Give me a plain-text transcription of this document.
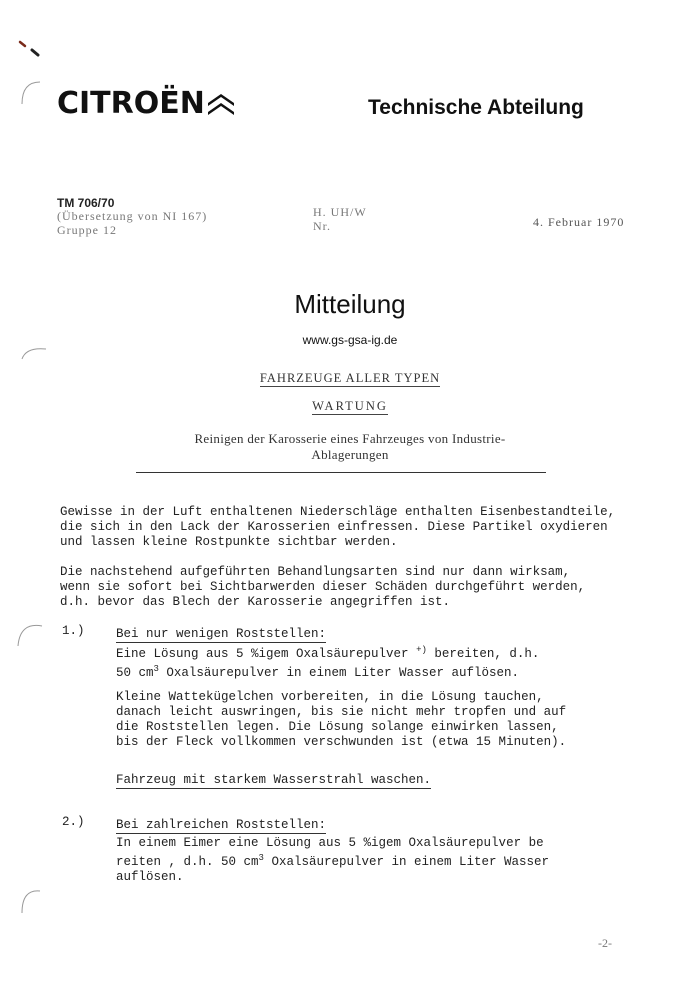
CITROËN	Technische Abteilung
TM 706/70
(Übersetzung von NI 167)
Gruppe 12
H. UH/W
Nr.	4. Februar 1970
Mitteilung
www.gs-gsa-ig.de
FAHRZEUGE ALLER TYPEN
WARTUNG
Reinigen der Karosserie eines Fahrzeuges von Industrie-
Ablagerungen
Gewisse in der Luft enthaltenen Niederschläge enthalten Eisenbestandteile,
die sich in den Lack der Karosserien einfressen. Diese Partikel oxydieren
und lassen kleine Rostpunkte sichtbar werden.
Die nachstehend aufgeführten Behandlungsarten sind nur dann wirksam,
wenn sie sofort bei Sichtbarwerden dieser Schäden durchgeführt werden,
d.h. bevor das Blech der Karosserie angegriffen ist.
1.)	Bei nur wenigen Roststellen:
Eine Lösung aus 5 %igem Oxalsäurepulver +) bereiten, d.h.
50 $cm^3$ Oxalsäurepulver in einem Liter Wasser auflösen.
Kleine Wattekügelchen vorbereiten, in die Lösung tauchen,
danach leicht auswringen, bis sie nicht mehr tropfen und auf
die Roststellen legen. Die Lösung solange einwirken lassen,
bis der Fleck vollkommen verschwunden ist (etwa 15 Minuten).
Fahrzeug mit starkem Wasserstrahl waschen.
2.)	Bei zahlreichen Roststellen:
In einem Eimer eine Lösung aus 5 %igem Oxalsäurepulver be
reiten , d.h. 50 $cm^3$ Oxalsäurepulver in einem Liter Wasser
auflösen.
-2-
